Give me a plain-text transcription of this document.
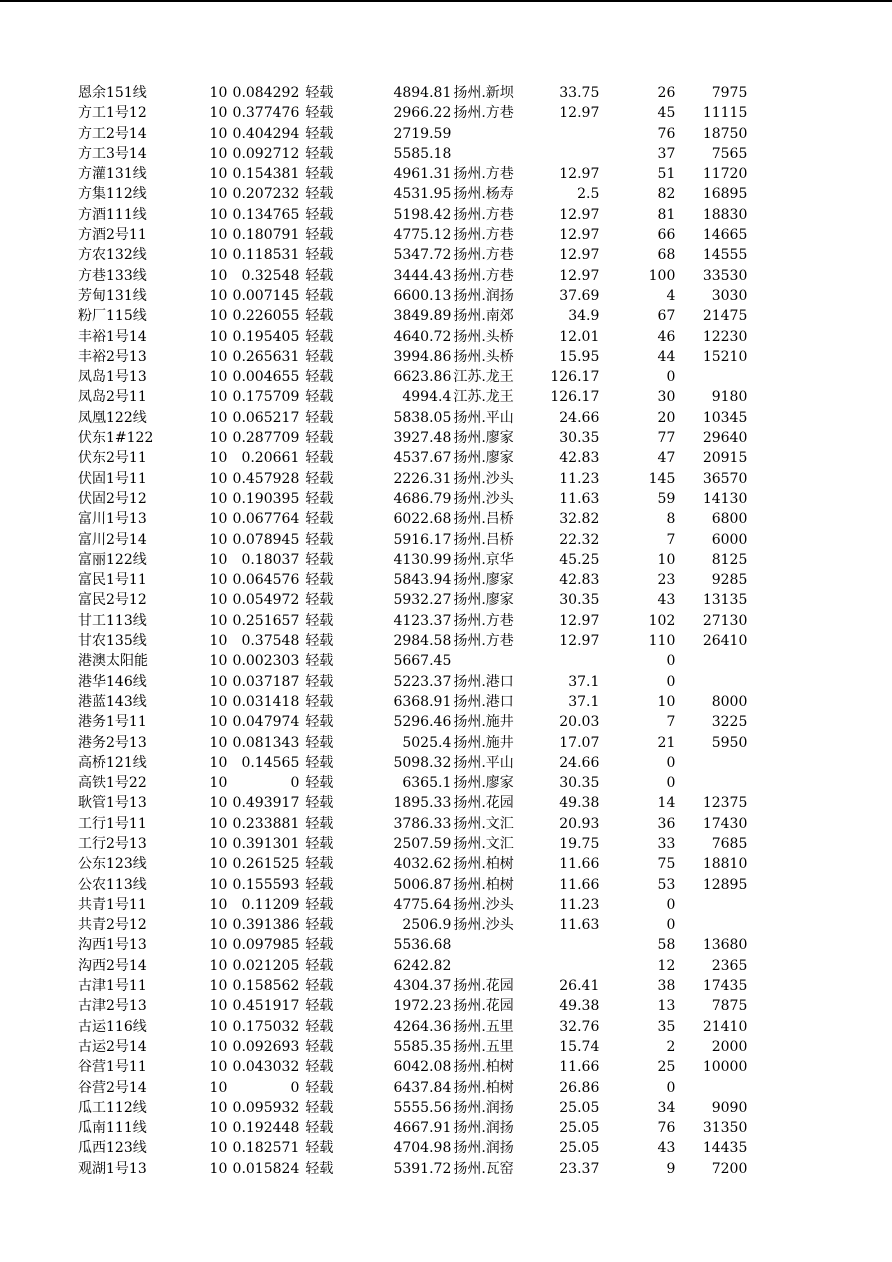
恩余151线	10	0.084292		轻载	4894.81	扬州.新坝	33.75	26	7975
方工1号12	10	0.377476		轻载	2966.22	扬州.方巷	12.97	45	11115
方工2号14	10	0.404294		轻载	2719.59			76	18750
方工3号14	10	0.092712		轻载	5585.18			37	7565
方灌131线	10	0.154381		轻载	4961.31	扬州.方巷	12.97	51	11720
方集112线	10	0.207232		轻载	4531.95	扬州.杨寿	2.5	82	16895
方酒111线	10	0.134765		轻载	5198.42	扬州.方巷	12.97	81	18830
方酒2号11	10	0.180791		轻载	4775.12	扬州.方巷	12.97	66	14665
方农132线	10	0.118531		轻载	5347.72	扬州.方巷	12.97	68	14555
方巷133线	10	0.32548		轻载	3444.43	扬州.方巷	12.97	100	33530
芳甸131线	10	0.007145		轻载	6600.13	扬州.润扬	37.69	4	3030
粉厂115线	10	0.226055		轻载	3849.89	扬州.南郊	34.9	67	21475
丰裕1号14	10	0.195405		轻载	4640.72	扬州.头桥	12.01	46	12230
丰裕2号13	10	0.265631		轻载	3994.86	扬州.头桥	15.95	44	15210
凤岛1号13	10	0.004655		轻载	6623.86	江苏.龙王	126.17	0	
凤岛2号11	10	0.175709		轻载	4994.4	江苏.龙王	126.17	30	9180
凤凰122线	10	0.065217		轻载	5838.05	扬州.平山	24.66	20	10345
伏东1#122	10	0.287709		轻载	3927.48	扬州.廖家	30.35	77	29640
伏东2号11	10	0.20661		轻载	4537.67	扬州.廖家	42.83	47	20915
伏固1号11	10	0.457928		轻载	2226.31	扬州.沙头	11.23	145	36570
伏固2号12	10	0.190395		轻载	4686.79	扬州.沙头	11.63	59	14130
富川1号13	10	0.067764		轻载	6022.68	扬州.吕桥	32.82	8	6800
富川2号14	10	0.078945		轻载	5916.17	扬州.吕桥	22.32	7	6000
富丽122线	10	0.18037		轻载	4130.99	扬州.京华	45.25	10	8125
富民1号11	10	0.064576		轻载	5843.94	扬州.廖家	42.83	23	9285
富民2号12	10	0.054972		轻载	5932.27	扬州.廖家	30.35	43	13135
甘工113线	10	0.251657		轻载	4123.37	扬州.方巷	12.97	102	27130
甘农135线	10	0.37548		轻载	2984.58	扬州.方巷	12.97	110	26410
港澳太阳能	10	0.002303		轻载	5667.45			0	
港华146线	10	0.037187		轻载	5223.37	扬州.港口	37.1	0	
港蓝143线	10	0.031418		轻载	6368.91	扬州.港口	37.1	10	8000
港务1号11	10	0.047974		轻载	5296.46	扬州.施井	20.03	7	3225
港务2号13	10	0.081343		轻载	5025.4	扬州.施井	17.07	21	5950
高桥121线	10	0.14565		轻载	5098.32	扬州.平山	24.66	0	
高铁1号22	10	0		轻载	6365.1	扬州.廖家	30.35	0	
耿管1号13	10	0.493917		轻载	1895.33	扬州.花园	49.38	14	12375
工行1号11	10	0.233881		轻载	3786.33	扬州.文汇	20.93	36	17430
工行2号13	10	0.391301		轻载	2507.59	扬州.文汇	19.75	33	7685
公东123线	10	0.261525		轻载	4032.62	扬州.柏树	11.66	75	18810
公农113线	10	0.155593		轻载	5006.87	扬州.柏树	11.66	53	12895
共青1号11	10	0.11209		轻载	4775.64	扬州.沙头	11.23	0	
共青2号12	10	0.391386		轻载	2506.9	扬州.沙头	11.63	0	
沟西1号13	10	0.097985		轻载	5536.68			58	13680
沟西2号14	10	0.021205		轻载	6242.82			12	2365
古津1号11	10	0.158562		轻载	4304.37	扬州.花园	26.41	38	17435
古津2号13	10	0.451917		轻载	1972.23	扬州.花园	49.38	13	7875
古运116线	10	0.175032		轻载	4264.36	扬州.五里	32.76	35	21410
古运2号14	10	0.092693		轻载	5585.35	扬州.五里	15.74	2	2000
谷营1号11	10	0.043032		轻载	6042.08	扬州.柏树	11.66	25	10000
谷营2号14	10	0		轻载	6437.84	扬州.柏树	26.86	0	
瓜工112线	10	0.095932		轻载	5555.56	扬州.润扬	25.05	34	9090
瓜南111线	10	0.192448		轻载	4667.91	扬州.润扬	25.05	76	31350
瓜西123线	10	0.182571		轻载	4704.98	扬州.润扬	25.05	43	14435
观湖1号13	10	0.015824		轻载	5391.72	扬州.瓦窑	23.37	9	7200
